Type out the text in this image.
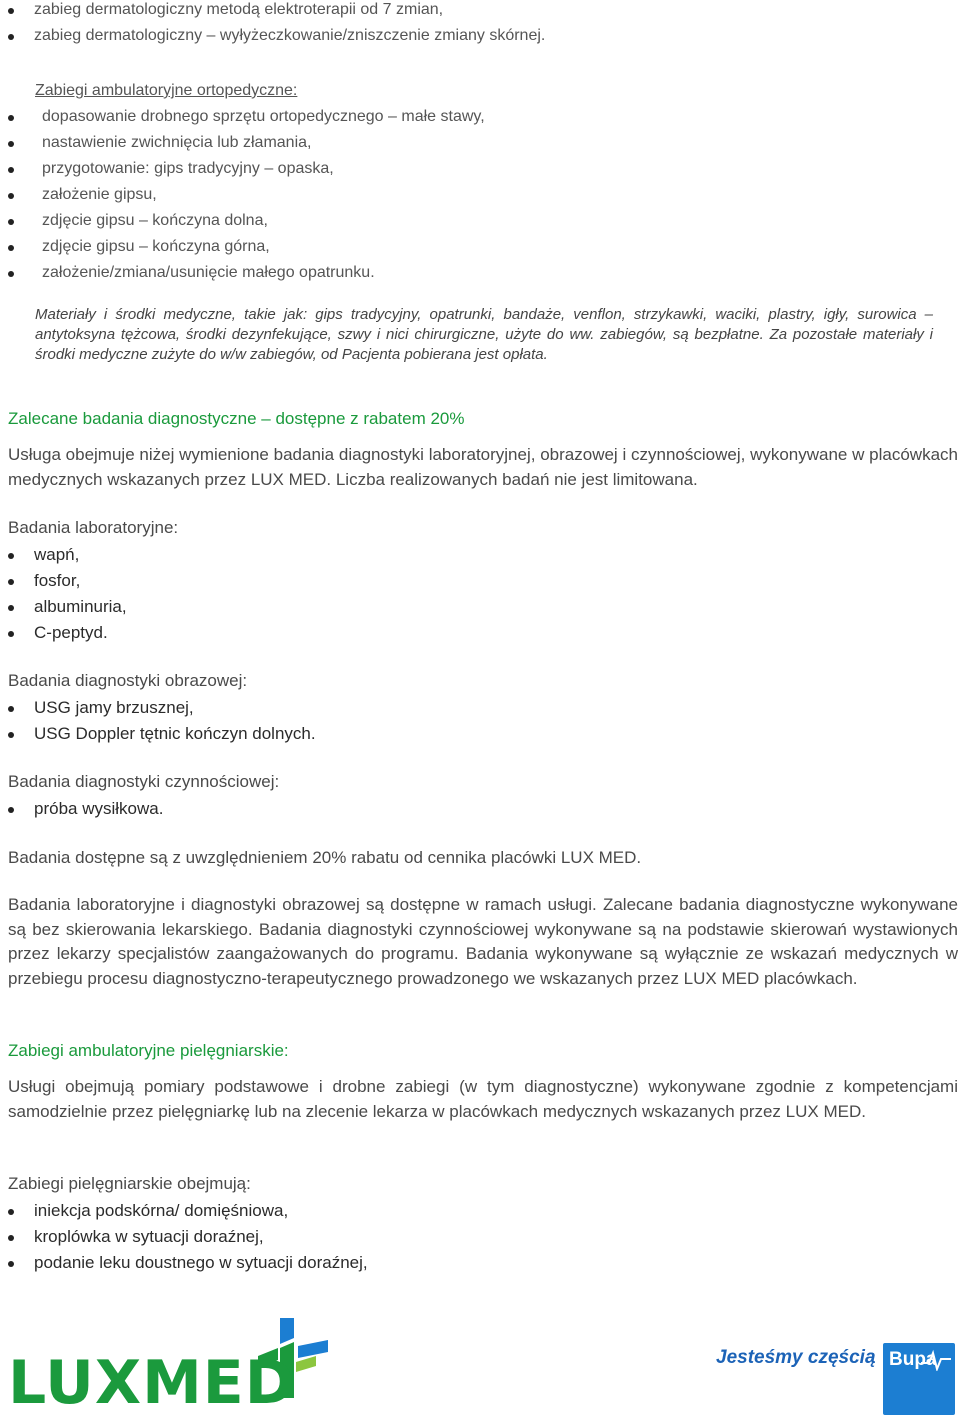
zabieg dermatologiczny metodą elektroterapii od 7 zmian,
zabieg dermatologiczny – wyłyżeczkowanie/zniszczenie zmiany skórnej.
Zabiegi ambulatoryjne ortopedyczne:
dopasowanie drobnego sprzętu ortopedycznego – małe stawy,
nastawienie zwichnięcia lub złamania,
przygotowanie: gips tradycyjny – opaska,
założenie gipsu,
zdjęcie gipsu – kończyna dolna,
zdjęcie gipsu – kończyna górna,
założenie/zmiana/usunięcie małego opatrunku.

Materiały i środki medyczne, takie jak: gips tradycyjny, opatrunki, bandaże, venflon, strzykawki, waciki, plastry, igły, surowica – antytoksyna tężcowa, środki dezynfekujące, szwy i nici chirurgiczne, użyte do ww. zabiegów, są bezpłatne. Za pozostałe materiały i środki medyczne zużyte do w/w zabiegów, od Pacjenta pobierana jest opłata.

Zalecane badania diagnostyczne – dostępne z rabatem 20%

Usługa obejmuje niżej wymienione badania diagnostyki laboratoryjnej, obrazowej i czynnościowej, wykonywane w placówkach medycznych wskazanych przez LUX MED. Liczba realizowanych badań nie jest limitowana.

Badania laboratoryjne:
wapń,
fosfor,
albuminuria,
C-peptyd.
Badania diagnostyki obrazowej:
USG jamy brzusznej,
USG Doppler tętnic kończyn dolnych.
Badania diagnostyki czynnościowej:
próba wysiłkowa.

Badania dostępne są z uwzględnieniem 20% rabatu od cennika placówki LUX MED.

Badania laboratoryjne i diagnostyki obrazowej są dostępne w ramach usługi. Zalecane badania diagnostyczne wykonywane są bez skierowania lekarskiego. Badania diagnostyki czynnościowej wykonywane są na podstawie skierowań wystawionych przez lekarzy specjalistów zaangażowanych do programu. Badania wykonywane są wyłącznie ze wskazań medycznych w przebiegu procesu diagnostyczno-terapeutycznego prowadzonego we wskazanych przez LUX MED placówkach.

Zabiegi ambulatoryjne pielęgniarskie:

Usługi obejmują pomiary podstawowe i drobne zabiegi (w tym diagnostyczne) wykonywane zgodnie z kompetencjami samodzielnie przez pielęgniarkę lub na zlecenie lekarza w placówkach medycznych wskazanych przez LUX MED.

Zabiegi pielęgniarskie obejmują:
iniekcja podskórna/ domięśniowa,
kroplówka w sytuacji doraźnej,
podanie leku doustnego w sytuacji doraźnej,
LUXMED	Jesteśmy częścią Bupa
